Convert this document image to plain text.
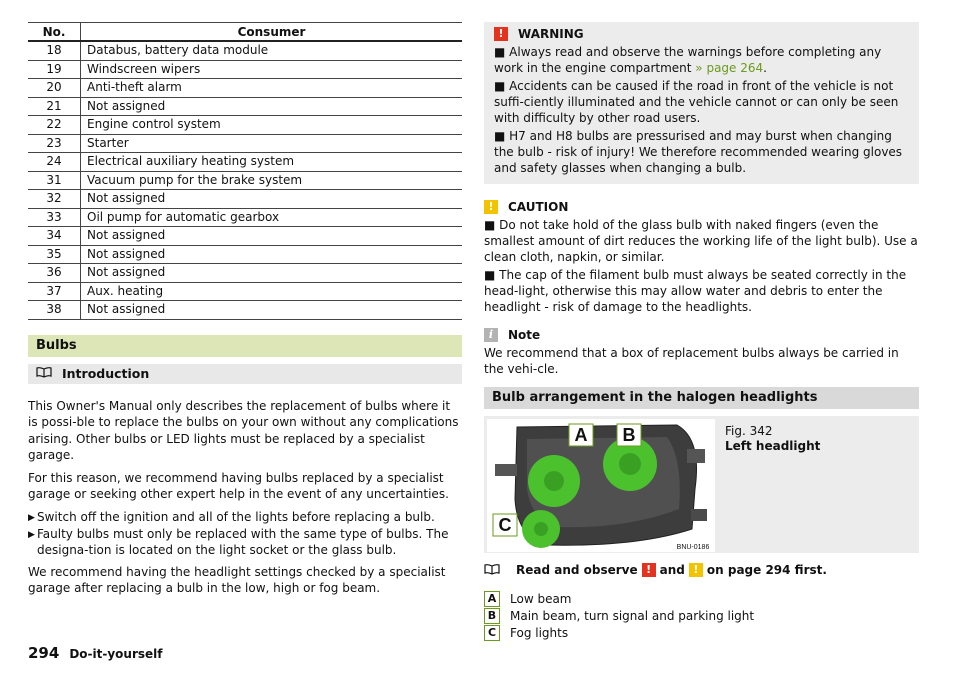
No.	Consumer
18	Databus, battery data module
19	Windscreen wipers
20	Anti-theft alarm
21	Not assigned
22	Engine control system
23	Starter
24	Electrical auxiliary heating system
31	Vacuum pump for the brake system
32	Not assigned
33	Oil pump for automatic gearbox
34	Not assigned
35	Not assigned
36	Not assigned
37	Aux. heating
38	Not assigned
Bulbs
Introduction

This Owner's Manual only describes the replacement of bulbs where it is possi-ble to replace the bulbs on your own without any complications arising. Other bulbs or LED lights must be replaced by a specialist garage.

For this reason, we recommend having bulbs replaced by a specialist garage or seeking other expert help in the event of any uncertainties.

▶ Switch off the ignition and all of the lights before replacing a bulb.
▶ Faulty bulbs must only be replaced with the same type of bulbs. The designa-tion is located on the light socket or the glass bulb.

We recommend having the headlight settings checked by a specialist garage after replacing a bulb in the low, high or fog beam.

!	WARNING
■ Always read and observe the warnings before completing any work in the engine compartment » page 264.
■ Accidents can be caused if the road in front of the vehicle is not suffi-ciently illuminated and the vehicle cannot or can only be seen with difficulty by other road users.
■ H7 and H8 bulbs are pressurised and may burst when changing the bulb - risk of injury! We therefore recommended wearing gloves and safety glasses when changing a bulb.
!	CAUTION
■ Do not take hold of the glass bulb with naked fingers (even the smallest amount of dirt reduces the working life of the light bulb). Use a clean cloth, napkin, or similar.
■ The cap of the filament bulb must always be seated correctly in the head-light, otherwise this may allow water and debris to enter the headlight - risk of damage to the headlights.
i	Note
We recommend that a box of replacement bulbs always be carried in the vehi-cle.
Bulb arrangement in the halogen headlights
A B
C
BNU-0186
Fig. 342
Left headlight
Read and observe ! and ! on page 294 first.
A	Low beam
B	Main beam, turn signal and parking light
C	Fog lights
294 Do-it-yourself
